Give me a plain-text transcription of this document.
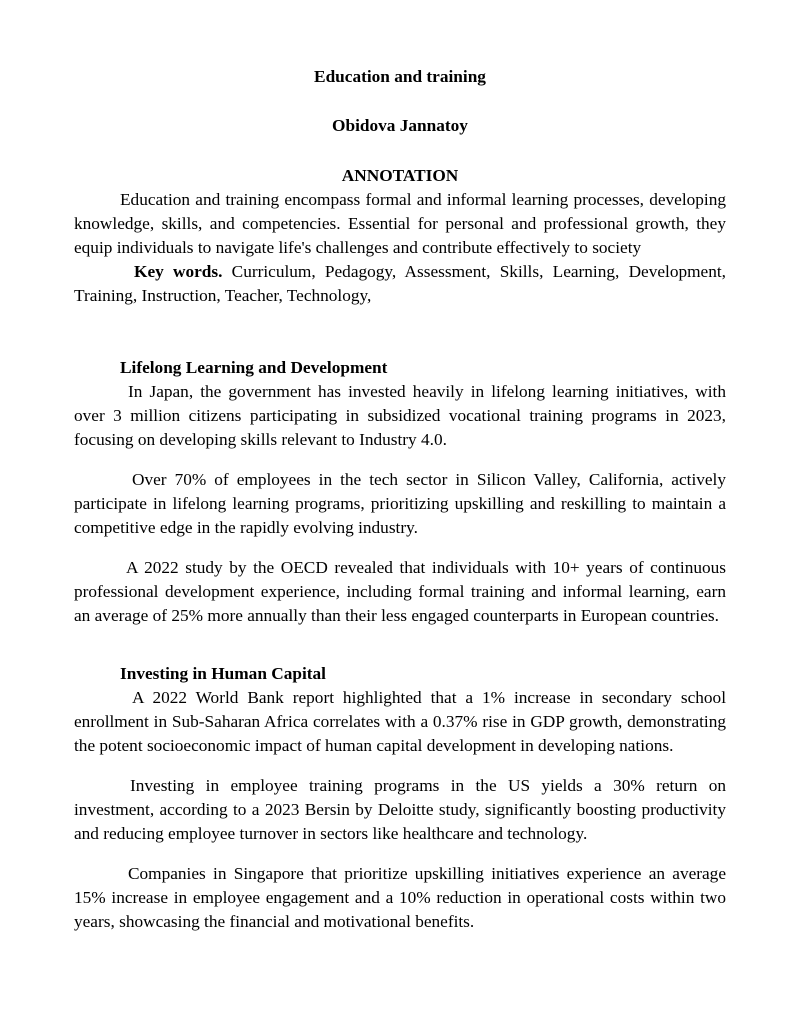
Education and training

Obidova Jannatoy

ANNOTATION

Education and training encompass formal and informal learning processes, developing knowledge, skills, and competencies. Essential for personal and professional growth, they equip individuals to navigate life's challenges and contribute effectively to society

Key words. Curriculum, Pedagogy, Assessment, Skills, Learning, Development, Training, Instruction, Teacher, Technology,

Lifelong Learning and Development

In Japan, the government has invested heavily in lifelong learning initiatives, with over 3 million citizens participating in subsidized vocational training programs in 2023, focusing on developing skills relevant to Industry 4.0.

Over 70% of employees in the tech sector in Silicon Valley, California, actively participate in lifelong learning programs, prioritizing upskilling and reskilling to maintain a competitive edge in the rapidly evolving industry.

A 2022 study by the OECD revealed that individuals with 10+ years of continuous professional development experience, including formal training and informal learning, earn an average of 25% more annually than their less engaged counterparts in European countries.

Investing in Human Capital

A 2022 World Bank report highlighted that a 1% increase in secondary school enrollment in Sub-Saharan Africa correlates with a 0.37% rise in GDP growth, demonstrating the potent socioeconomic impact of human capital development in developing nations.

Investing in employee training programs in the US yields a 30% return on investment, according to a 2023 Bersin by Deloitte study, significantly boosting productivity and reducing employee turnover in sectors like healthcare and technology.

Companies in Singapore that prioritize upskilling initiatives experience an average 15% increase in employee engagement and a 10% reduction in operational costs within two years, showcasing the financial and motivational benefits.
